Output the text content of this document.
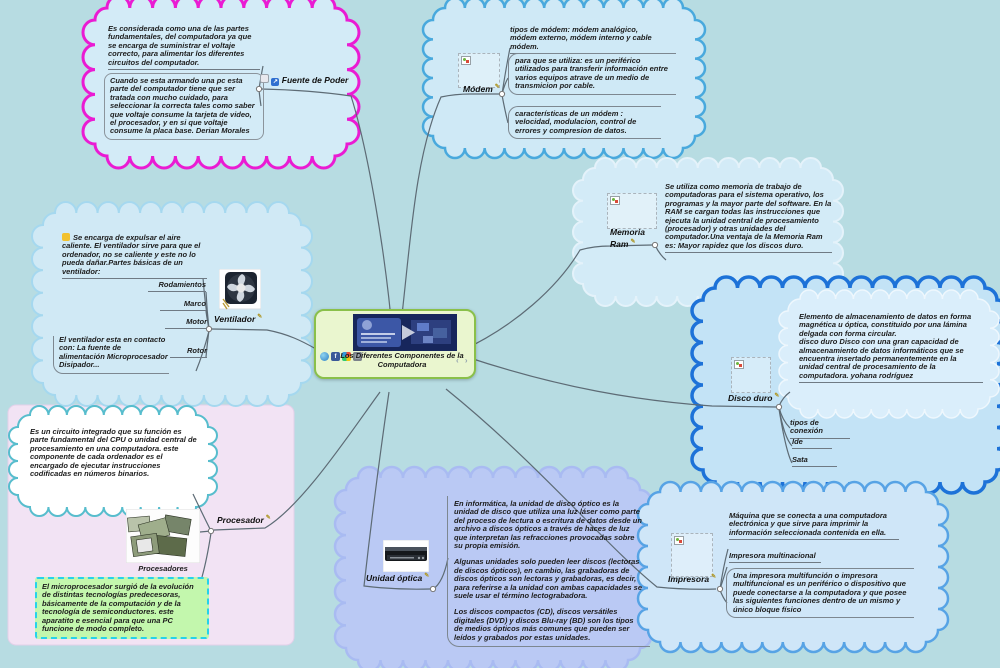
Es considerada como una de las partes fundamentales, del computadora ya que se encarga de suministrar el voltaje correcto, para alimentar los diferentes circuitos del computador.
Cuando se esta armando una pc esta parte del computador tiene que ser tratada con mucho cuidado, para seleccionar la correcta tales como saber que voltaje consume la tarjeta de video, el procesador, y en si que voltaje consume la placa base. Derian Morales
↗ Fuente de Poder
Módem ✎
tipos de módem: módem analógico, módem externo, módem interno y cable módem.
para que se utiliza: es un periférico utilizados para transferir información entre varios equipos atrave de un medio de transmicion por cable.
características de un módem : velocidad, modulacion, control de errores y compresion de datos.
Memoria Ram ✎
Se utiliza como memoria de trabajo de computadoras para el sistema operativo, los programas y la mayor parte del software. En la RAM se cargan todas las instrucciones que ejecuta la unidad central de procesamiento (procesador) y otras unidades del computador.Una ventaja de la Memoria Ram es: Mayor rapidez que los discos duro.
Disco duro ✎
Elemento de almacenamiento de datos en forma magnética u óptica, constituido por una lámina delgada con forma circular.
disco duro Disco con una gran capacidad de almacenamiento de datos informáticos que se encuentra insertado permanentemente en la unidad central de procesamiento de la computadora. yohana rodríguez
tipos de conexión
Ide
Sata
Se encarga de expulsar el aire caliente. El ventilador sirve para que el ordenador, no se caliente y este no lo pueda dañar.Partes básicas de un ventilador:
Rodamientos
Marco
Motor
Rotor
El ventilador esta en contacto con: La fuente de alimentación Microprocesador Disipador...
Ventilador ✎
f Los Diferentes Componentes de la Computadora	‹ ›
Es un circuito integrado que su función es parte fundamental del CPU o unidad central de procesamiento en una computadora. este componente de cada ordenador es el encargado de ejecutar instrucciones codificadas en números binarios.
Procesadores
El microprocesador surgió de la evolución de distintas tecnologías predecesoras, básicamente de la computación y de la tecnología de semiconductores. este aparatito e esencial para que una PC funcione de modo completo.
Procesador ✎
Unidad óptica ✎

En informática, la unidad de disco óptico es la unidad de disco que utiliza una luz láser como parte del proceso de lectura o escritura de datos desde un archivo a discos ópticos a través de haces de luz que interpretan las refracciones provocadas sobre su propia emisión.

Algunas unidades solo pueden leer discos (lectoras de discos ópticos), en cambio, las grabadoras de discos ópticos son lectoras y grabadoras, es decir, para referirse a la unidad con ambas capacidades se suele usar el término lectograbadora.

Los discos compactos (CD), discos versátiles digitales (DVD) y discos Blu-ray (BD) son los tipos de medios ópticos más comunes que pueden ser leídos y grabados por estas unidades.

Impresora ✎
Máquina que se conecta a una computadora electrónica y que sirve para imprimir la información seleccionada contenida en ella.
Impresora multinacional
Una impresora multifunción o impresora multifuncional es un periférico o dispositivo que puede conectarse a la computadora y que posee las siguientes funciones dentro de un mismo y único bloque físico
